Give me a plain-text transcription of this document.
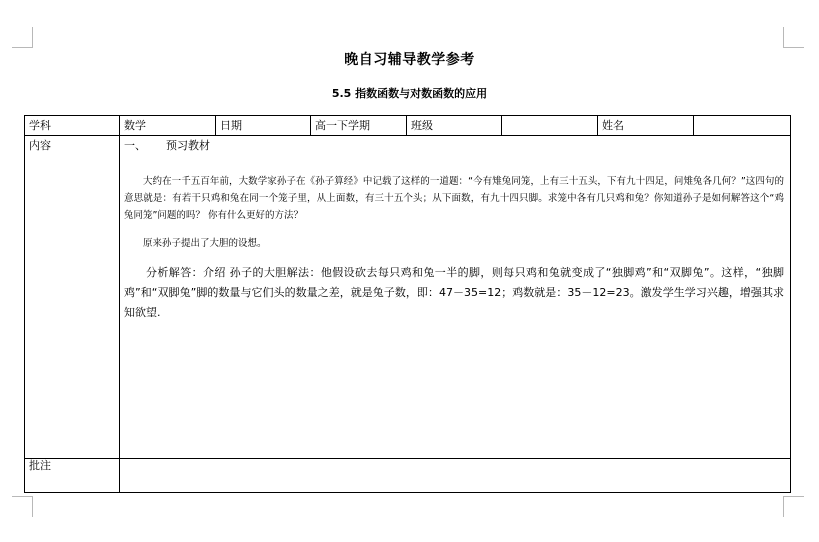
晚自习辅导教学参考
5.5 指数函数与对数函数的应用
学科	数学	日期	高一下学期	班级		姓名	
内容	一、 预习教材

大约在一千五百年前，大数学家孙子在《孙子算经》中记载了这样的一道题：“今有雉兔同笼，上有三十五头，下有九十四足，问雉兔各几何？”这四句的意思就是：有若干只鸡和兔在同一个笼子里，从上面数，有三十五个头；从下面数，有九十四只脚。求笼中各有几只鸡和兔？你知道孙子是如何解答这个“鸡兔同笼”问题的吗？ 你有什么更好的方法？

原来孙子提出了大胆的设想。

分析解答：介绍 孙子的大胆解法：他假设砍去每只鸡和兔一半的脚，则每只鸡和兔就变成了“独脚鸡”和“双脚兔”。这样，“独脚鸡”和“双脚兔”脚的数量与它们头的数量之差，就是兔子数，即：47－35=12；鸡数就是：35－12=23。激发学生学习兴趣，增强其求知欲望.						

批注							
